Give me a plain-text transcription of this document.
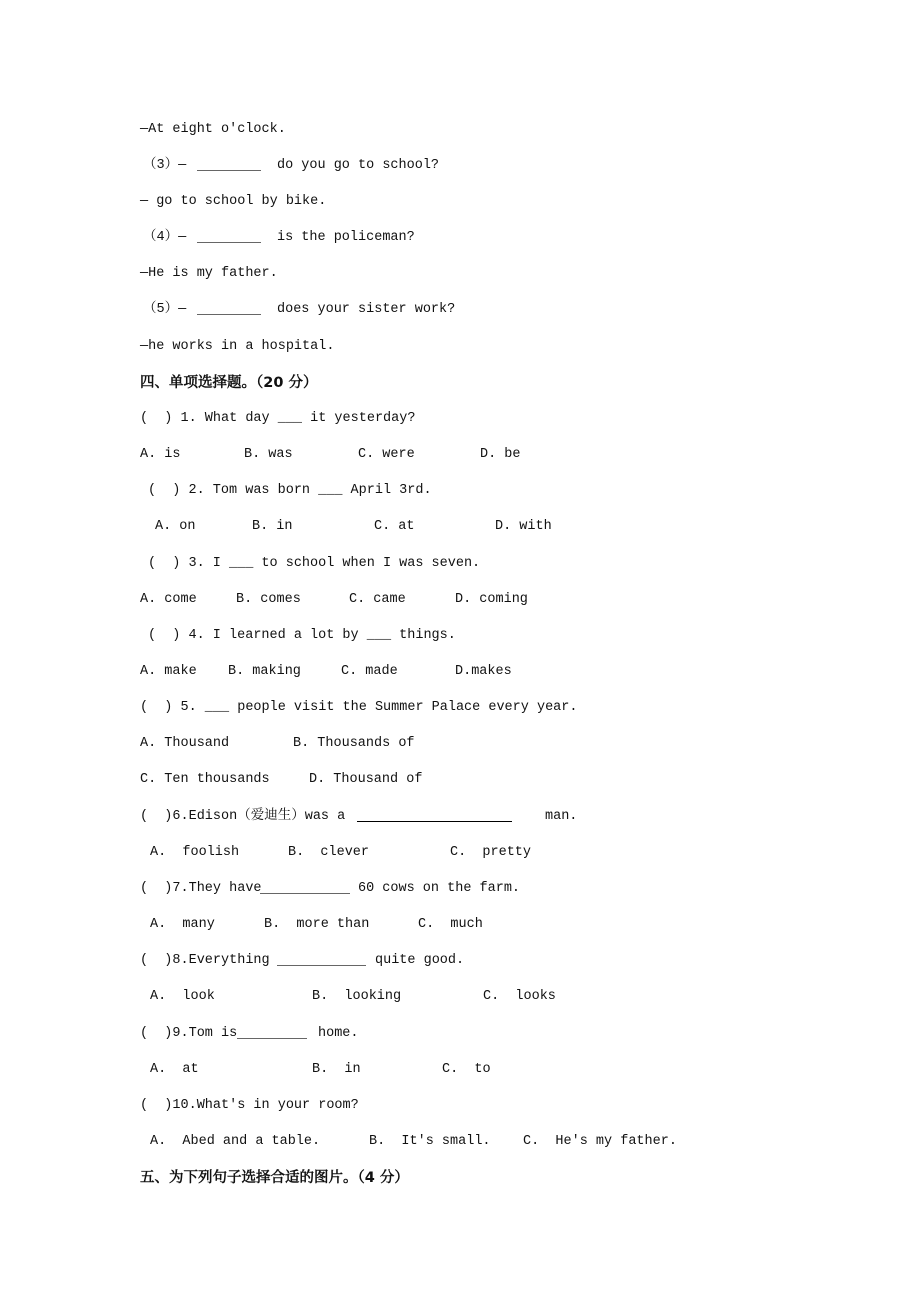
—At eight o'clock.
（3）—	do you go to school?
— go to school by bike.
（4）—	is the policeman?
—He is my father.
（5）—	does your sister work?
—he works in a hospital.
四、单项选择题。（20 分）
(  ) 1. What day ___ it yesterday?
A. is	B. was	C. were	D. be
(  ) 2. Tom was born ___ April 3rd.
A. on	B. in	C. at	D. with
(  ) 3. I ___ to school when I was seven.
A. come	B. comes	C. came	D. coming
(  ) 4. I learned a lot by ___ things.
A. make B. making	C. made	D.makes
(  ) 5. ___ people visit the Summer Palace every year.
A. Thousand	B. Thousands of
C. Ten thousands	D. Thousand of
(  )6.Edison（爱迪生）was a	man.
A.  foolish	B.  clever	C.  pretty
(  )7.They have	60 cows on the farm.
A.  many	B.  more than	C.  much
(  )8.Everything	quite good.
A.  look	B.  looking	C.  looks
(  )9.Tom is	home.
A.  at	B.  in	C.  to
(  )10.What's in your room?
A.  Abed and a table.	B.  It's small. C.  He's my father.
五、为下列句子选择合适的图片。（4 分）
